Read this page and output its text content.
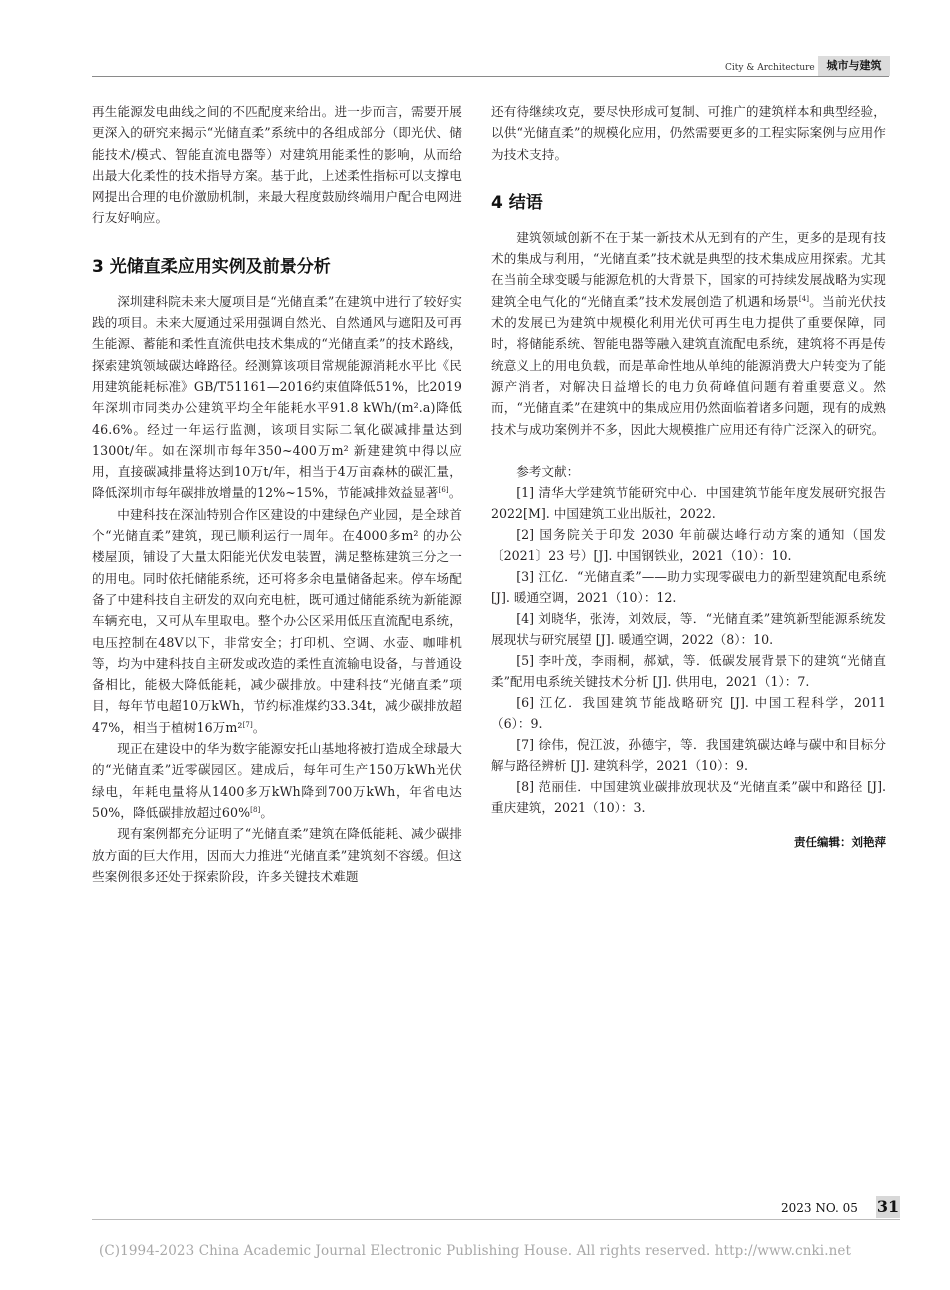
City & Architecture	城市与建筑

再生能源发电曲线之间的不匹配度来给出。进一步而言，需要开展更深入的研究来揭示“光储直柔”系统中的各组成部分（即光伏、储能技术/模式、智能直流电器等）对建筑用能柔性的影响，从而给出最大化柔性的技术指导方案。基于此，上述柔性指标可以支撑电网提出合理的电价激励机制，来最大程度鼓励终端用户配合电网进行友好响应。

3 光储直柔应用实例及前景分析

深圳建科院未来大厦项目是“光储直柔”在建筑中进行了较好实践的项目。未来大厦通过采用强调自然光、自然通风与遮阳及可再生能源、蓄能和柔性直流供电技术集成的“光储直柔”的技术路线，探索建筑领域碳达峰路径。经测算该项目常规能源消耗水平比《民用建筑能耗标准》GB/T51161—2016约束值降低51%，比2019年深圳市同类办公建筑平均全年能耗水平91.8 kWh/(m².a)降低46.6%。经过一年运行监测，该项目实际二氧化碳减排量达到1300t/年。如在深圳市每年350~400万m² 新建建筑中得以应用，直接碳减排量将达到10万t/年，相当于4万亩森林的碳汇量，降低深圳市每年碳排放增量的12%~15%，节能减排效益显著[6]。

中建科技在深汕特别合作区建设的中建绿色产业园，是全球首个“光储直柔”建筑，现已顺利运行一周年。在4000多m² 的办公楼屋顶，铺设了大量太阳能光伏发电装置，满足整栋建筑三分之一的用电。同时依托储能系统，还可将多余电量储备起来。停车场配备了中建科技自主研发的双向充电桩，既可通过储能系统为新能源车辆充电，又可从车里取电。整个办公区采用低压直流配电系统，电压控制在48V以下，非常安全；打印机、空调、水壶、咖啡机等，均为中建科技自主研发或改造的柔性直流输电设备，与普通设备相比，能极大降低能耗，减少碳排放。中建科技“光储直柔”项目，每年节电超10万kWh，节约标准煤约33.34t，减少碳排放超47%，相当于植树16万m²[7]。

现正在建设中的华为数字能源安托山基地将被打造成全球最大的“光储直柔”近零碳园区。建成后，每年可生产150万kWh光伏绿电，年耗电量将从1400多万kWh降到700万kWh，年省电达50%，降低碳排放超过60%[8]。

现有案例都充分证明了“光储直柔”建筑在降低能耗、减少碳排放方面的巨大作用，因而大力推进“光储直柔”建筑刻不容缓。但这些案例很多还处于探索阶段，许多关键技术难题

还有待继续攻克，要尽快形成可复制、可推广的建筑样本和典型经验，以供“光储直柔”的规模化应用，仍然需要更多的工程实际案例与应用作为技术支持。

4 结语

建筑领域创新不在于某一新技术从无到有的产生，更多的是现有技术的集成与利用，“光储直柔”技术就是典型的技术集成应用探索。尤其在当前全球变暖与能源危机的大背景下，国家的可持续发展战略为实现建筑全电气化的“光储直柔”技术发展创造了机遇和场景[4]。当前光伏技术的发展已为建筑中规模化利用光伏可再生电力提供了重要保障，同时，将储能系统、智能电器等融入建筑直流配电系统，建筑将不再是传统意义上的用电负载，而是革命性地从单纯的能源消费大户转变为了能源产消者，对解决日益增长的电力负荷峰值问题有着重要意义。然而，“光储直柔”在建筑中的集成应用仍然面临着诸多问题，现有的成熟技术与成功案例并不多，因此大规模推广应用还有待广泛深入的研究。

参考文献：

[1] 清华大学建筑节能研究中心．中国建筑节能年度发展研究报告 2022[M]. 中国建筑工业出版社，2022.

[2] 国务院关于印发 2030 年前碳达峰行动方案的通知（国发〔2021〕23 号）[J]. 中国钢铁业，2021（10）：10.

[3] 江亿．“光储直柔”——助力实现零碳电力的新型建筑配电系统 [J]. 暖通空调，2021（10）：12.

[4] 刘晓华，张涛，刘效辰，等．“光储直柔”建筑新型能源系统发展现状与研究展望 [J]. 暖通空调，2022（8）：10.

[5] 李叶茂，李雨桐，郝斌，等．低碳发展背景下的建筑“光储直柔”配用电系统关键技术分析 [J]. 供用电，2021（1）：7.

[6] 江亿．我国建筑节能战略研究 [J]. 中国工程科学，2011（6）：9.

[7] 徐伟，倪江波，孙德宇，等．我国建筑碳达峰与碳中和目标分解与路径辨析 [J]. 建筑科学，2021（10）：9.

[8] 范丽佳．中国建筑业碳排放现状及“光储直柔”碳中和路径 [J]. 重庆建筑，2021（10）：3.

责任编辑：刘艳萍

2023 NO. 05 31
(C)1994-2023 China Academic Journal Electronic Publishing House. All rights reserved. http://www.cnki.net
